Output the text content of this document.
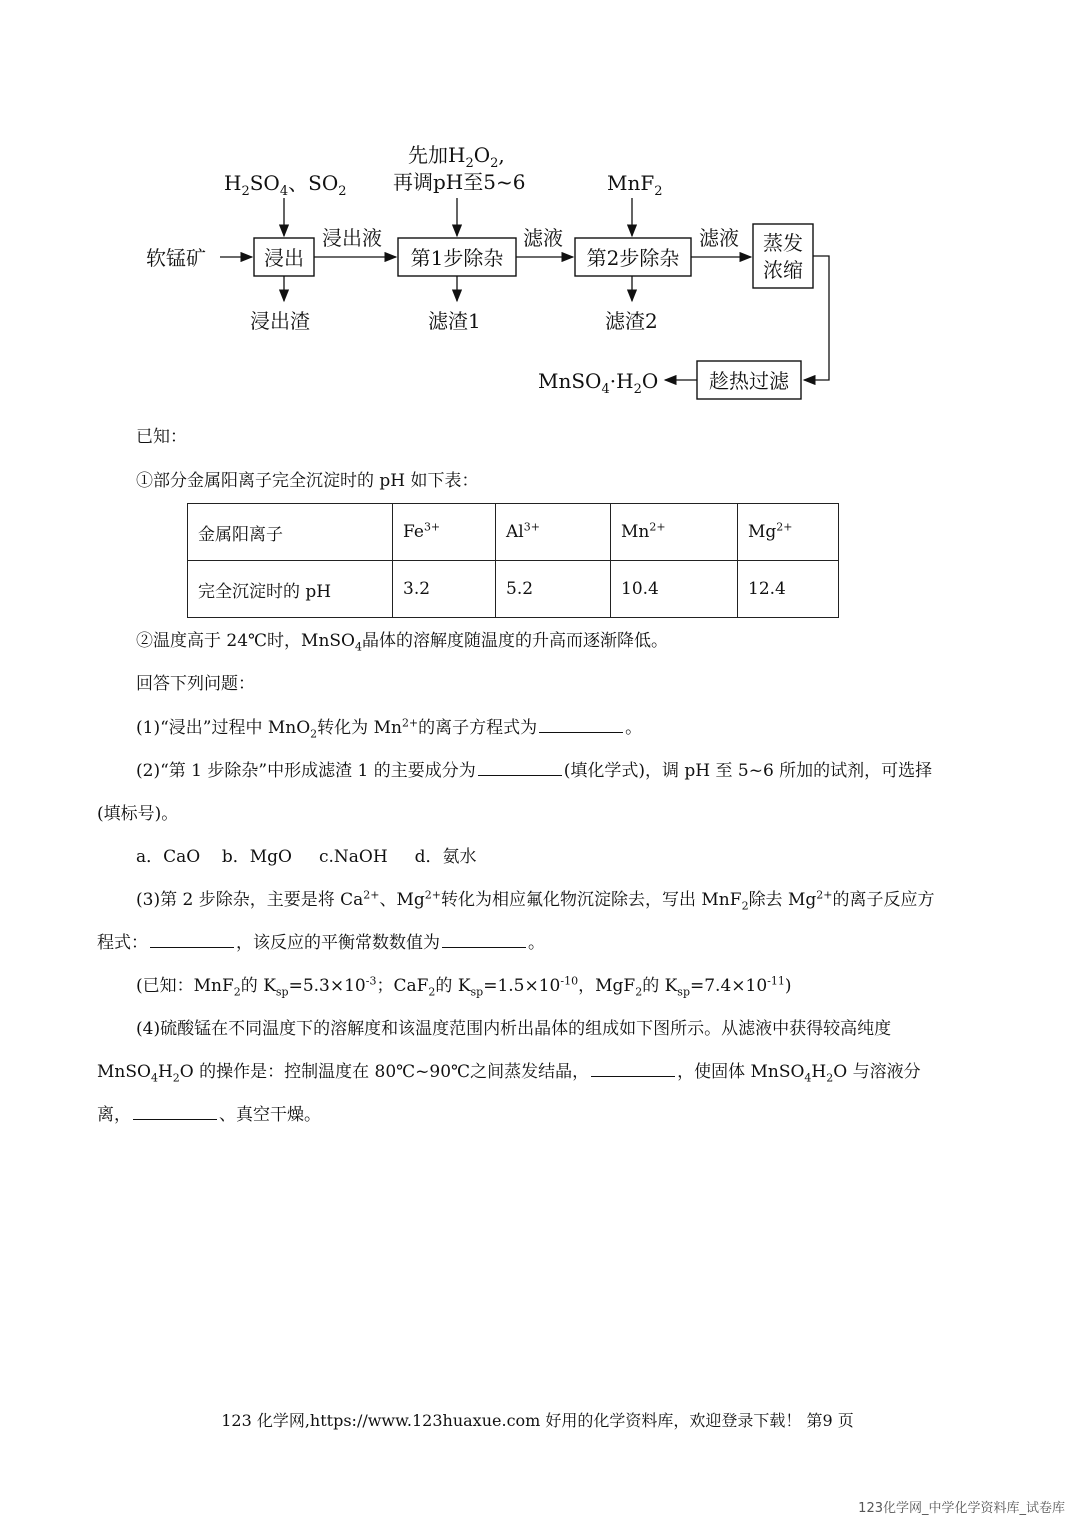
$H_2SO_4$、$SO_2$
先加$H_2O_2$,
再调pH至5~6	MnF$_2$
软锰矿	浸出
浸出液
第1步除杂
滤液
第2步除杂
滤液 蒸发
浓缩
浸出渣	滤渣1	滤渣2
趁热过滤
$MnSO_4\cdot H_2O$
已知：
①部分金属阳离子完全沉淀时的 pH 如下表：
金属阳离子	$Fe^{3+}$	$Al^{3+}$	$Mn^{2+}$	$Mg^{2+}$
完全沉淀时的 pH	3.2	5.2	10.4	12.4
②温度高于 24℃时，MnSO$_4$晶体的溶解度随温度的升高而逐渐降低。
回答下列问题：
(1)“浸出”过程中 MnO$_2$转化为 $Mn^{2+}$的离子方程式为	。
(2)“第 1 步除杂”中形成滤渣 1 的主要成分为	(填化学式)，调 pH 至 5~6 所加的试剂，可选择
(填标号)。
a．CaO    b．MgO     c.NaOH     d．氨水
(3)第 2 步除杂，主要是将 $Ca^{2+}$、$Mg^{2+}$转化为相应氟化物沉淀除去，写出 MnF$_2$除去 $Mg^{2+}$的离子反应方
程式：	，该反应的平衡常数数值为	。
(已知：MnF$_2$的 $K_{sp}=5.3\times 10^{-3}$；CaF$_2$的 $K_{sp}=1.5\times 10^{-10}$，MgF$_2$的 $K_{sp}=7.4\times 10^{-11}$)
(4)硫酸锰在不同温度下的溶解度和该温度范围内析出晶体的组成如下图所示。从滤液中获得较高纯度
$MnSO_4H_2O$ 的操作是：控制温度在 80℃~90℃之间蒸发结晶，	，使固体 $MnSO_4H_2O$ 与溶液分
离，	、真空干燥。
123 化学网,https://www.123huaxue.com 好用的化学资料库，欢迎登录下载！ 第9 页
123化学网_中学化学资料库_试卷库
